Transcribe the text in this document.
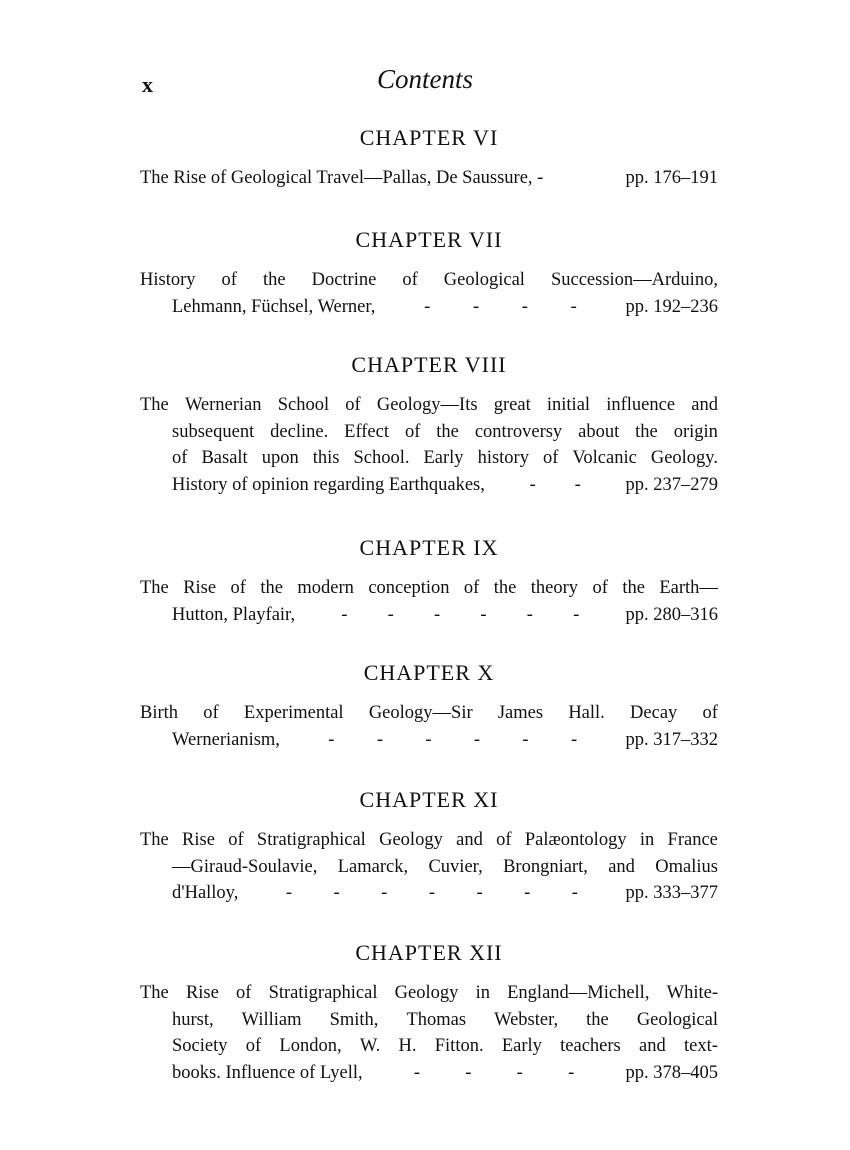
x	Contents
CHAPTER VI
The Rise of Geological Travel—Pallas, De Saussure, -	pp. 176–191
CHAPTER VII
History of the Doctrine of Geological Succession—Arduino,
Lehmann, Füchsel, Werner,	- - - -	pp. 192–236
CHAPTER VIII
The Wernerian School of Geology—Its great initial influence and
subsequent decline. Effect of the controversy about the origin
of Basalt upon this School. Early history of Volcanic Geology.
History of opinion regarding Earthquakes, - - pp. 237–279
CHAPTER IX
The Rise of the modern conception of the theory of the Earth—
Hutton, Playfair, - - - - - -	pp. 280–316
CHAPTER X
Birth of Experimental Geology—Sir James Hall. Decay of
Wernerianism,	- - - - - -	pp. 317–332
CHAPTER XI
The Rise of Stratigraphical Geology and of Palæontology in France
—Giraud-Soulavie, Lamarck, Cuvier, Brongniart, and Omalius
d'Halloy,	- - - - - - -	pp. 333–377
CHAPTER XII
The Rise of Stratigraphical Geology in England—Michell, White-
hurst, William Smith, Thomas Webster, the Geological
Society of London, W. H. Fitton. Early teachers and text-
books. Influence of Lyell,	- - - -	pp. 378–405
